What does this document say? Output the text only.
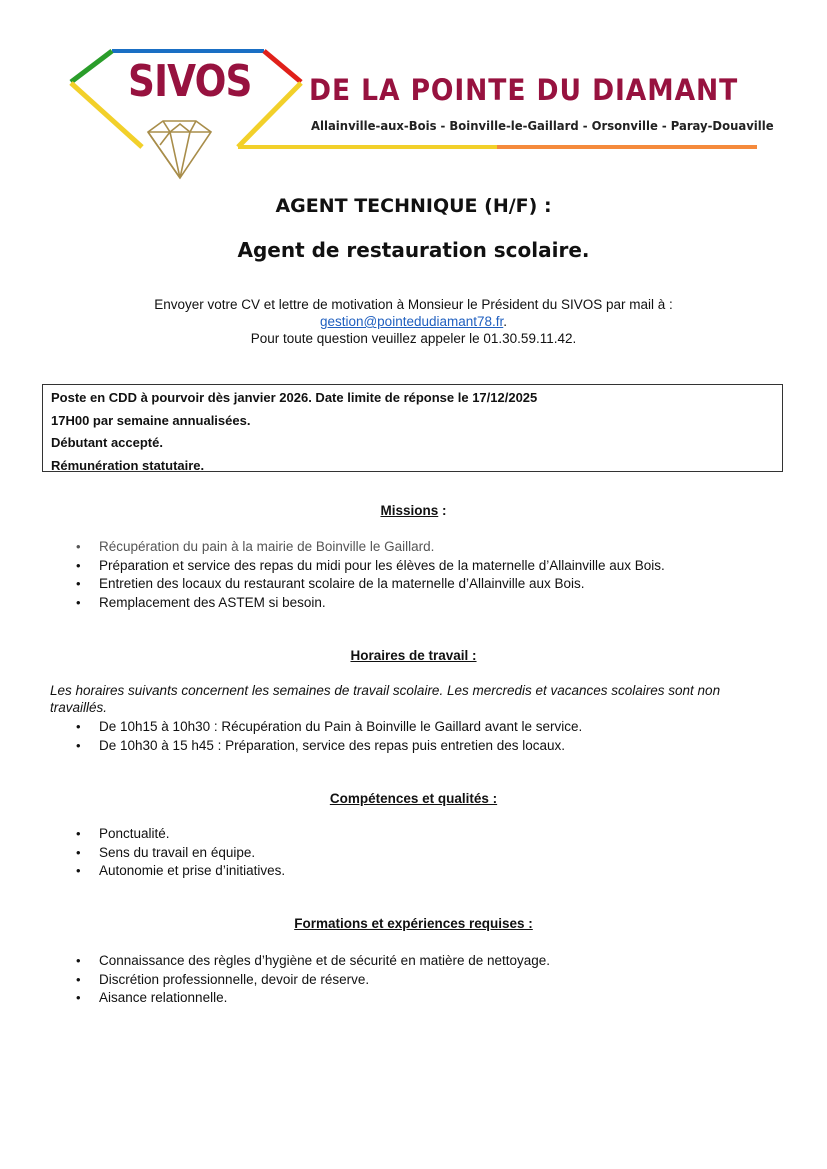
SIVOS DE LA POINTE DU DIAMANT
Allainville-aux-Bois - Boinville-le-Gaillard - Orsonville - Paray-Douaville
AGENT TECHNIQUE (H/F) :
Agent de restauration scolaire.
Envoyer votre CV et lettre de motivation à Monsieur le Président du SIVOS par mail à :
gestion@pointedudiamant78.fr.
Pour toute question veuillez appeler le 01.30.59.11.42.
Poste en CDD à pourvoir dès janvier 2026. Date limite de réponse le 17/12/2025
17H00 par semaine annualisées.
Débutant accepté.
Rémunération statutaire.
Missions :
• Récupération du pain à la mairie de Boinville le Gaillard.
• Préparation et service des repas du midi pour les élèves de la maternelle d’Allainville aux Bois.
• Entretien des locaux du restaurant scolaire de la maternelle d’Allainville aux Bois.
• Remplacement des ASTEM si besoin.
Horaires de travail :
Les horaires suivants concernent les semaines de travail scolaire. Les mercredis et vacances scolaires sont non travaillés.
• De 10h15 à 10h30 : Récupération du Pain à Boinville le Gaillard avant le service.
• De 10h30 à 15 h45 : Préparation, service des repas puis entretien des locaux.
Compétences et qualités :
• Ponctualité.
• Sens du travail en équipe.
• Autonomie et prise d’initiatives.
Formations et expériences requises :
• Connaissance des règles d’hygiène et de sécurité en matière de nettoyage.
• Discrétion professionnelle, devoir de réserve.
• Aisance relationnelle.
